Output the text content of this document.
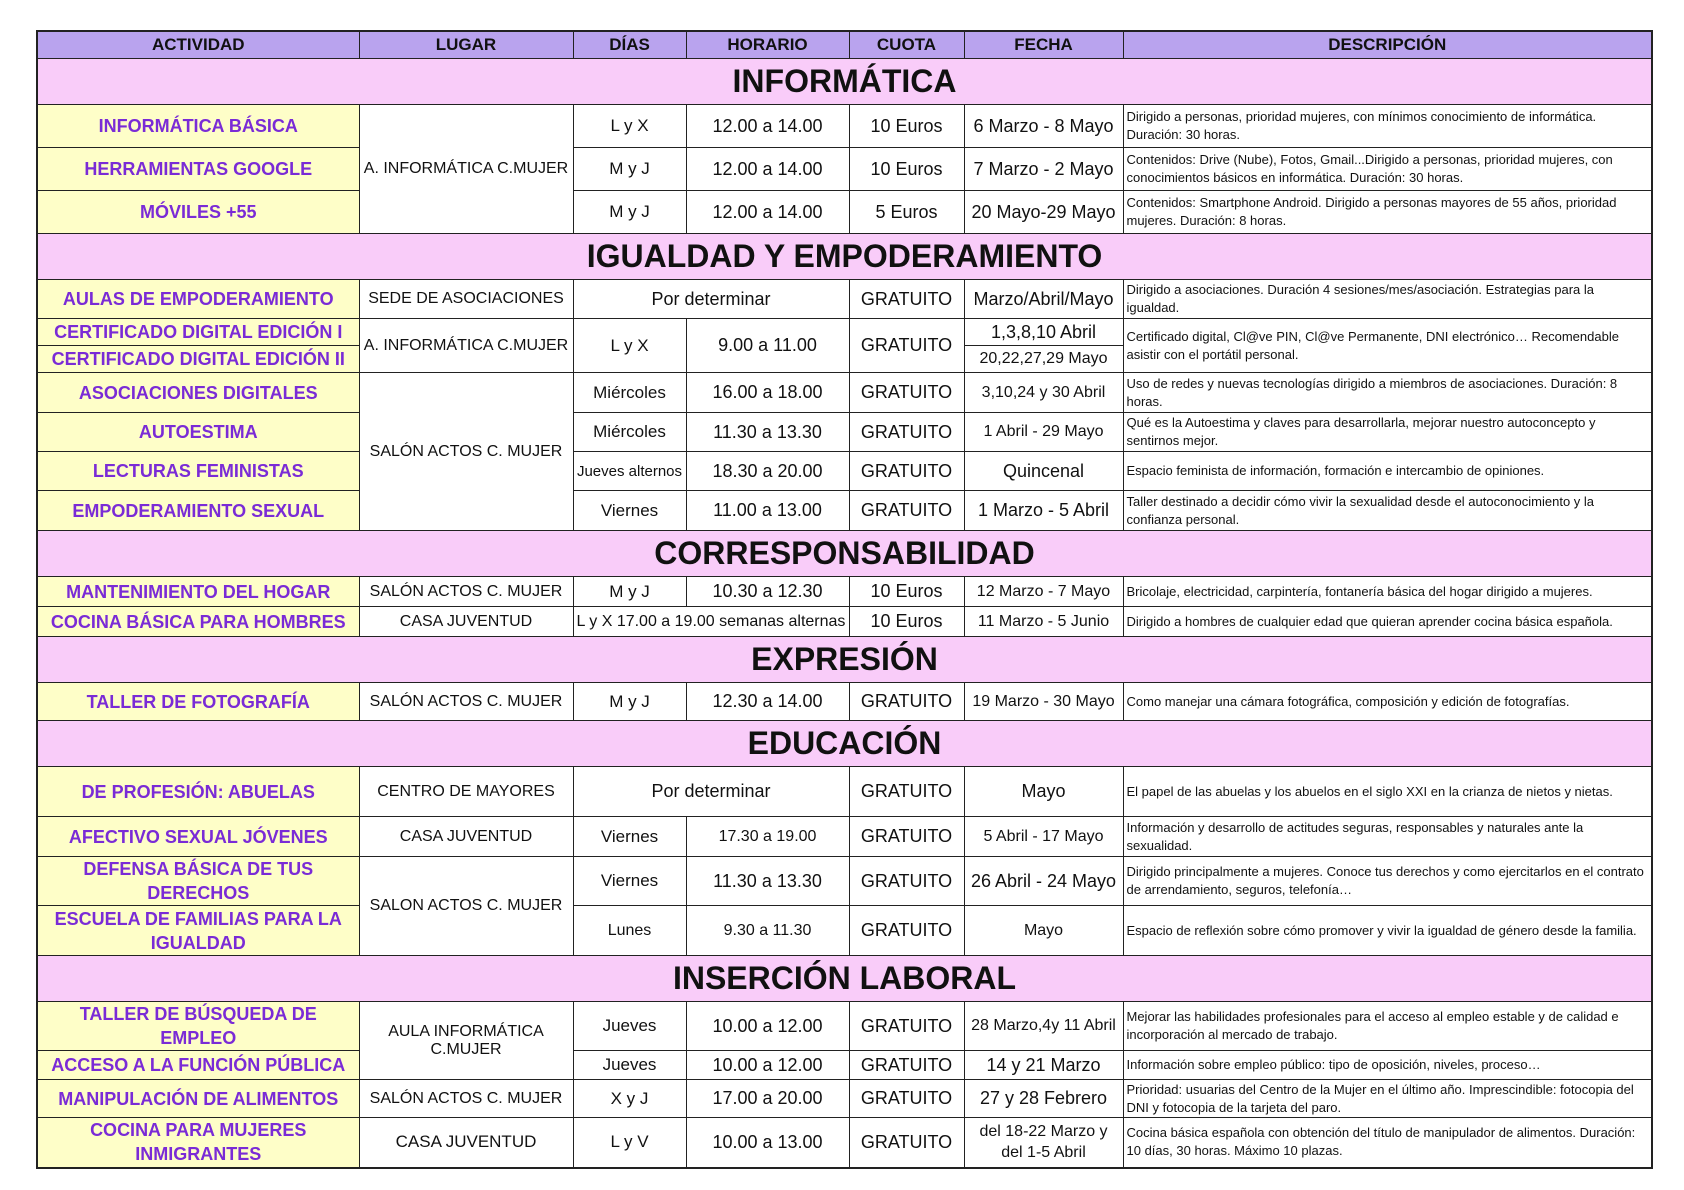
ACTIVIDAD	LUGAR	DÍAS	HORARIO	CUOTA	FECHA	DESCRIPCIÓN
INFORMÁTICA						
INFORMÁTICA BÁSICA	A. INFORMÁTICA C.MUJER	L y X	12.00 a 14.00	10 Euros	6 Marzo - 8 Mayo	Dirigido a personas, prioridad mujeres, con mínimos conocimiento de informática. Duración: 30 horas.
HERRAMIENTAS GOOGLE		M y J	12.00 a 14.00	10 Euros	7 Marzo - 2 Mayo	Contenidos: Drive (Nube), Fotos, Gmail...Dirigido a personas, prioridad mujeres, con conocimientos básicos en informática. Duración: 30 horas.
MÓVILES +55		M y J	12.00 a 14.00	5 Euros	20 Mayo-29 Mayo	Contenidos: Smartphone Android. Dirigido a personas mayores de 55 años, prioridad mujeres. Duración: 8 horas.
IGUALDAD Y EMPODERAMIENTO						
AULAS DE EMPODERAMIENTO	SEDE DE ASOCIACIONES	Por determinar		GRATUITO	Marzo/Abril/Mayo	Dirigido a asociaciones. Duración 4 sesiones/mes/asociación. Estrategias para la igualdad.
CERTIFICADO DIGITAL EDICIÓN I	A. INFORMÁTICA C.MUJER	L y X	9.00 a 11.00	GRATUITO	1,3,8,10 Abril	Certificado digital, Cl@ve PIN, Cl@ve Permanente, DNI electrónico… Recomendable asistir con el portátil personal.
CERTIFICADO DIGITAL EDICIÓN II					20,22,27,29 Mayo	
ASOCIACIONES DIGITALES	SALÓN ACTOS C. MUJER	Miércoles	16.00 a 18.00	GRATUITO	3,10,24 y 30 Abril	Uso de redes y nuevas tecnologías dirigido a miembros de asociaciones. Duración: 8 horas.
AUTOESTIMA		Miércoles	11.30 a 13.30	GRATUITO	1 Abril - 29 Mayo	Qué es la Autoestima y claves para desarrollarla, mejorar nuestro autoconcepto y sentirnos mejor.
LECTURAS FEMINISTAS		Jueves alternos	18.30 a 20.00	GRATUITO	Quincenal	Espacio feminista de información, formación e intercambio de opiniones.
EMPODERAMIENTO SEXUAL		Viernes	11.00 a 13.00	GRATUITO	1 Marzo - 5 Abril	Taller destinado a decidir cómo vivir la sexualidad desde el autoconocimiento y la confianza personal.
CORRESPONSABILIDAD						
MANTENIMIENTO DEL HOGAR	SALÓN ACTOS C. MUJER	M y J	10.30 a 12.30	10 Euros	12 Marzo - 7 Mayo	Bricolaje, electricidad, carpintería, fontanería básica del hogar dirigido a mujeres.
COCINA BÁSICA PARA HOMBRES	CASA JUVENTUD	L y X 17.00 a 19.00 semanas alternas		10 Euros	11 Marzo - 5 Junio	Dirigido a hombres de cualquier edad que quieran aprender cocina básica española.
EXPRESIÓN						
TALLER DE FOTOGRAFÍA	SALÓN ACTOS C. MUJER	M y J	12.30 a 14.00	GRATUITO	19 Marzo - 30 Mayo	Como manejar una cámara fotográfica, composición y edición de fotografías.
EDUCACIÓN						
DE PROFESIÓN: ABUELAS	CENTRO DE MAYORES	Por determinar		GRATUITO	Mayo	El papel de las abuelas y los abuelos en el siglo XXI en la crianza de nietos y nietas.
AFECTIVO SEXUAL JÓVENES	CASA JUVENTUD	Viernes	17.30 a 19.00	GRATUITO	5 Abril - 17 Mayo	Información y desarrollo de actitudes seguras, responsables y naturales ante la sexualidad.
DEFENSA BÁSICA DE TUS DERECHOS	SALON ACTOS C. MUJER	Viernes	11.30 a 13.30	GRATUITO	26 Abril - 24 Mayo	Dirigido principalmente a mujeres. Conoce tus derechos y como ejercitarlos en el contrato de arrendamiento, seguros, telefonía…
ESCUELA DE FAMILIAS PARA LA IGUALDAD		Lunes	9.30 a 11.30	GRATUITO	Mayo	Espacio de reflexión sobre cómo promover y vivir la igualdad de género desde la familia.
INSERCIÓN LABORAL						
TALLER DE BÚSQUEDA DE EMPLEO	AULA INFORMÁTICA C.MUJER	Jueves	10.00 a 12.00	GRATUITO	28 Marzo,4y 11 Abril	Mejorar las habilidades profesionales para el acceso al empleo estable y de calidad e incorporación al mercado de trabajo.
ACCESO A LA FUNCIÓN PÚBLICA		Jueves	10.00 a 12.00	GRATUITO	14 y 21 Marzo	Información sobre empleo público: tipo de oposición, niveles, proceso…
MANIPULACIÓN DE ALIMENTOS	SALÓN ACTOS C. MUJER	X y J	17.00 a 20.00	GRATUITO	27 y 28 Febrero	Prioridad: usuarias del Centro de la Mujer en el último año. Imprescindible: fotocopia del DNI y fotocopia de la tarjeta del paro.
COCINA PARA MUJERES INMIGRANTES	CASA JUVENTUD	L y V	10.00 a 13.00	GRATUITO	del 18-22 Marzo y del 1-5 Abril	Cocina básica española con obtención del título de manipulador de alimentos. Duración: 10 días, 30 horas. Máximo 10 plazas.
